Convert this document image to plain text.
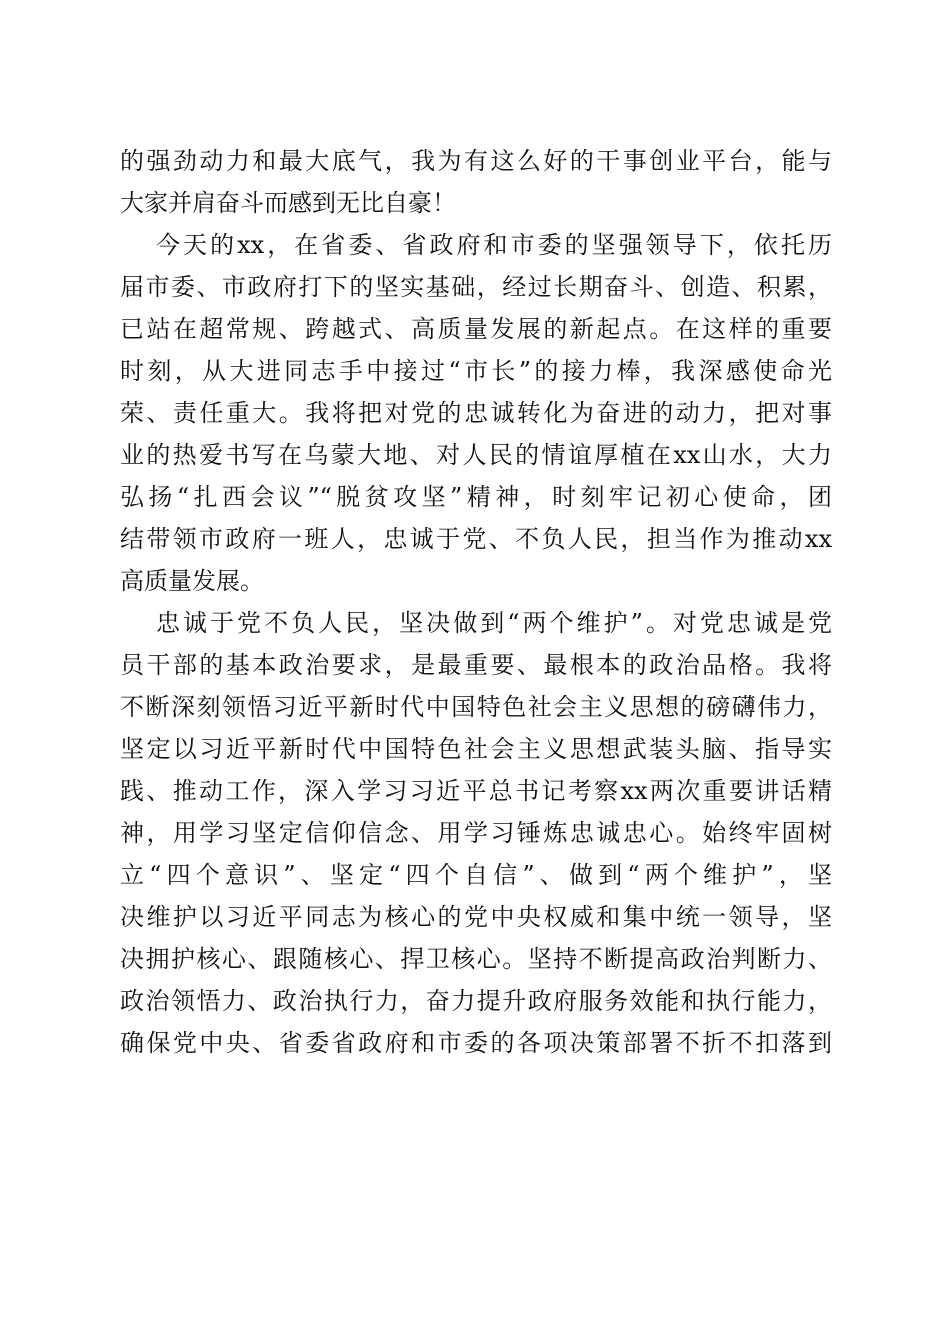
的强劲动力和最大底气，我为有这么好的干事创业平台，能与
大家并肩奋斗而感到无比自豪！
今天的xx，在省委、省政府和市委的坚强领导下，依托历
届市委、市政府打下的坚实基础，经过长期奋斗、创造、积累，
已站在超常规、跨越式、高质量发展的新起点。在这样的重要
时刻，从大进同志手中接过“市长”的接力棒，我深感使命光
荣、责任重大。我将把对党的忠诚转化为奋进的动力，把对事
业的热爱书写在乌蒙大地、对人民的情谊厚植在xx山水，大力
弘扬“扎西会议”“脱贫攻坚”精神，时刻牢记初心使命，团
结带领市政府一班人，忠诚于党、不负人民，担当作为推动xx
高质量发展。
忠诚于党不负人民，坚决做到“两个维护”。对党忠诚是党
员干部的基本政治要求，是最重要、最根本的政治品格。我将
不断深刻领悟习近平新时代中国特色社会主义思想的磅礴伟力，
坚定以习近平新时代中国特色社会主义思想武装头脑、指导实
践、推动工作，深入学习习近平总书记考察xx两次重要讲话精
神，用学习坚定信仰信念、用学习锤炼忠诚忠心。始终牢固树
立“四个意识”、坚定“四个自信”、做到“两个维护”，坚
决维护以习近平同志为核心的党中央权威和集中统一领导，坚
决拥护核心、跟随核心、捍卫核心。坚持不断提高政治判断力、
政治领悟力、政治执行力，奋力提升政府服务效能和执行能力，
确保党中央、省委省政府和市委的各项决策部署不折不扣落到
